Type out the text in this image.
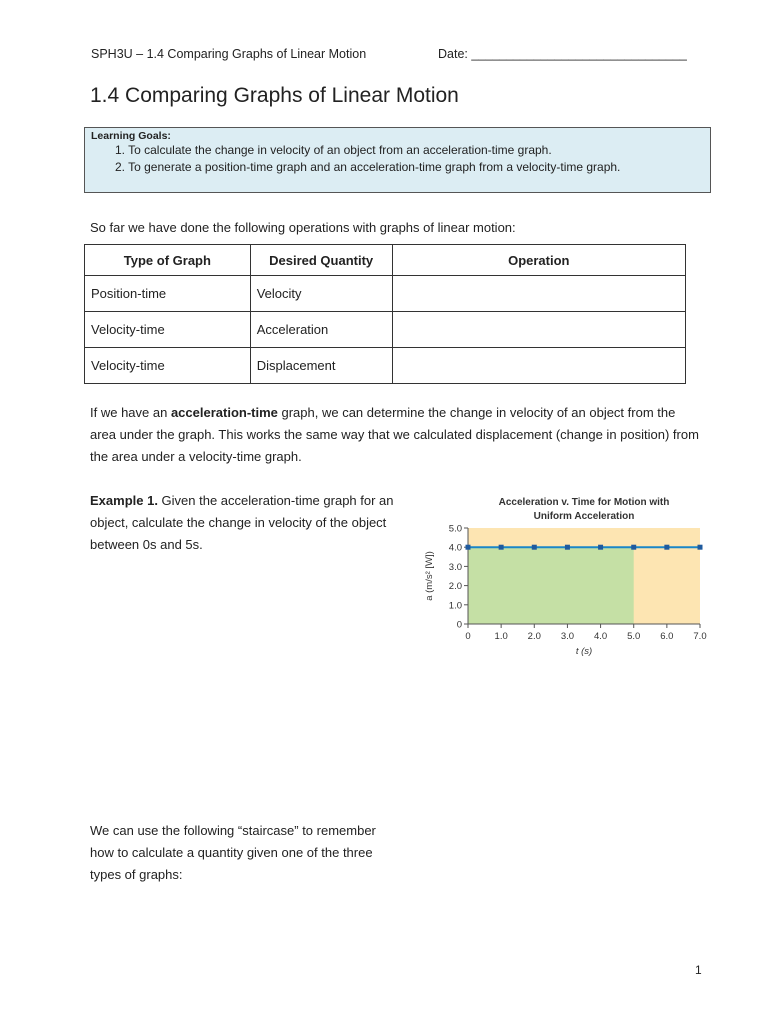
SPH3U – 1.4 Comparing Graphs of Linear Motion	Date: _______________________________
1.4 Comparing Graphs of Linear Motion
Learning Goals:
1. To calculate the change in velocity of an object from an acceleration-time graph.
2. To generate a position-time graph and an acceleration-time graph from a velocity-time graph.
So far we have done the following operations with graphs of linear motion:
Type of Graph	Desired Quantity	Operation
Position-time	Velocity	
Velocity-time	Acceleration	
Velocity-time	Displacement	
If we have an acceleration-time graph, we can determine the change in velocity of an object from the area under the graph. This works the same way that we calculated displacement (change in position) from the area under a velocity-time graph.
Example 1. Given the acceleration-time graph for an object, calculate the change in velocity of the object between 0s and 5s.
Acceleration v. Time for Motion with
Uniform Acceleration
0
1.0
2.0
3.0
4.0
5.0
0	1.0 2.0 3.0 4.0 5.0 6.0 7.0
t (s)
a (m/s² [W])
We can use the following “staircase” to remember how to calculate a quantity given one of the three types of graphs:
1
